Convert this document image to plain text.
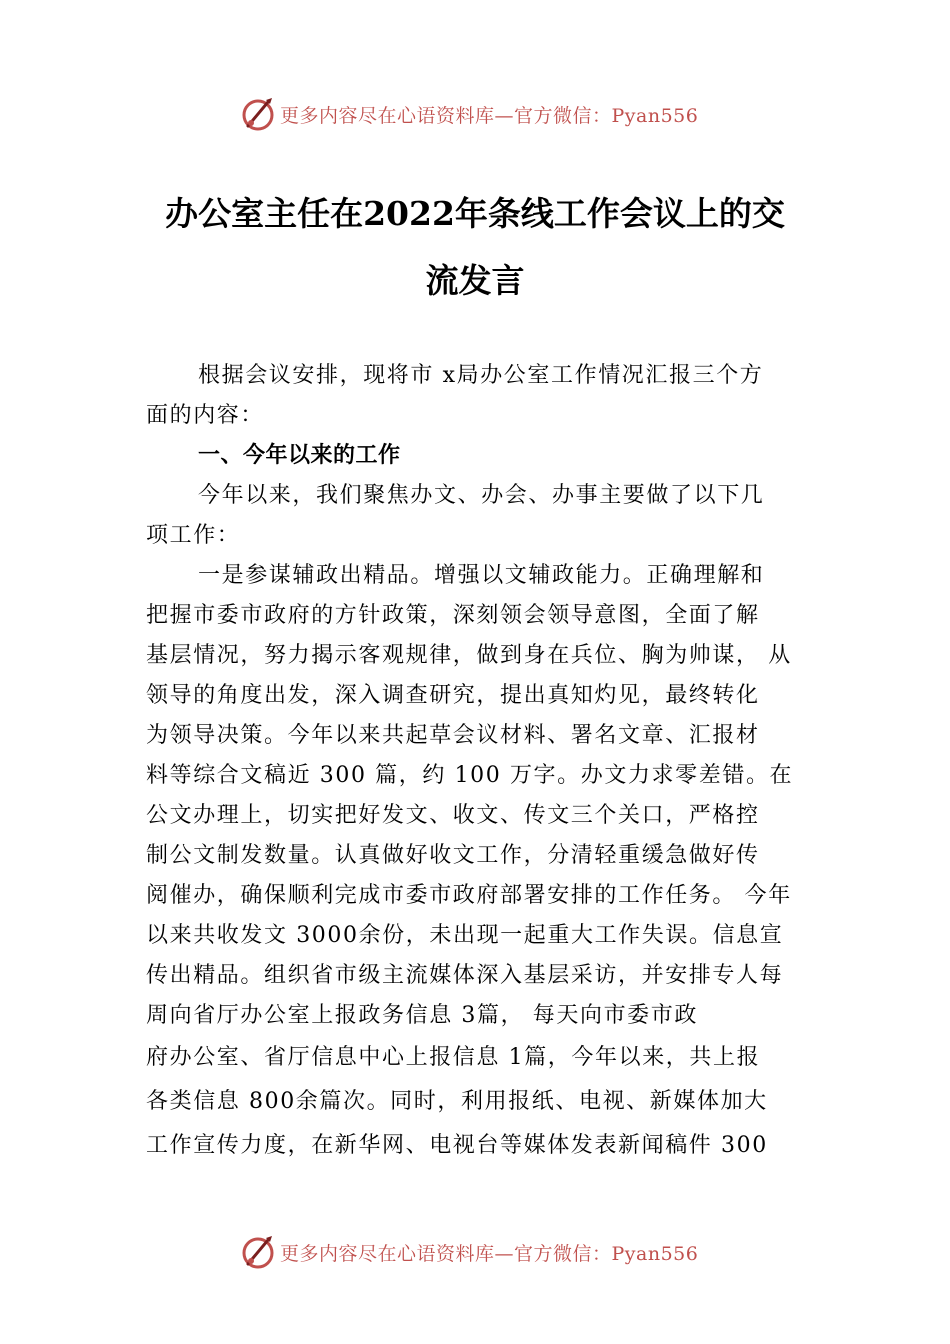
更多内容尽在心语资料库—官方微信：Pyan556
办公室主任在2022年条线工作会议上的交
流发言
根据会议安排，现将市 x局办公室工作情况汇报三个方
面的内容：
一、今年以来的工作
今年以来，我们聚焦办文、办会、办事主要做了以下几
项工作：
一是参谋辅政出精品。增强以文辅政能力。正确理解和
把握市委市政府的方针政策，深刻领会领导意图，全面了解
基层情况，努力揭示客观规律，做到身在兵位、胸为帅谋， 从
领导的角度出发，深入调查研究，提出真知灼见，最终转化
为领导决策。今年以来共起草会议材料、署名文章、汇报材
料等综合文稿近 300 篇，约 100 万字。办文力求零差错。在
公文办理上，切实把好发文、收文、传文三个关口，严格控
制公文制发数量。认真做好收文工作，分清轻重缓急做好传
阅催办，确保顺利完成市委市政府部署安排的工作任务。 今年
以来共收发文 3000余份，未出现一起重大工作失误。信息宣
传出精品。组织省市级主流媒体深入基层采访，并安排专人每
周向省厅办公室上报政务信息 3篇， 每天向市委市政
府办公室、省厅信息中心上报信息 1篇，今年以来，共上报
各类信息 800余篇次。同时，利用报纸、电视、新媒体加大
工作宣传力度，在新华网、电视台等媒体发表新闻稿件 300
更多内容尽在心语资料库—官方微信：Pyan556
